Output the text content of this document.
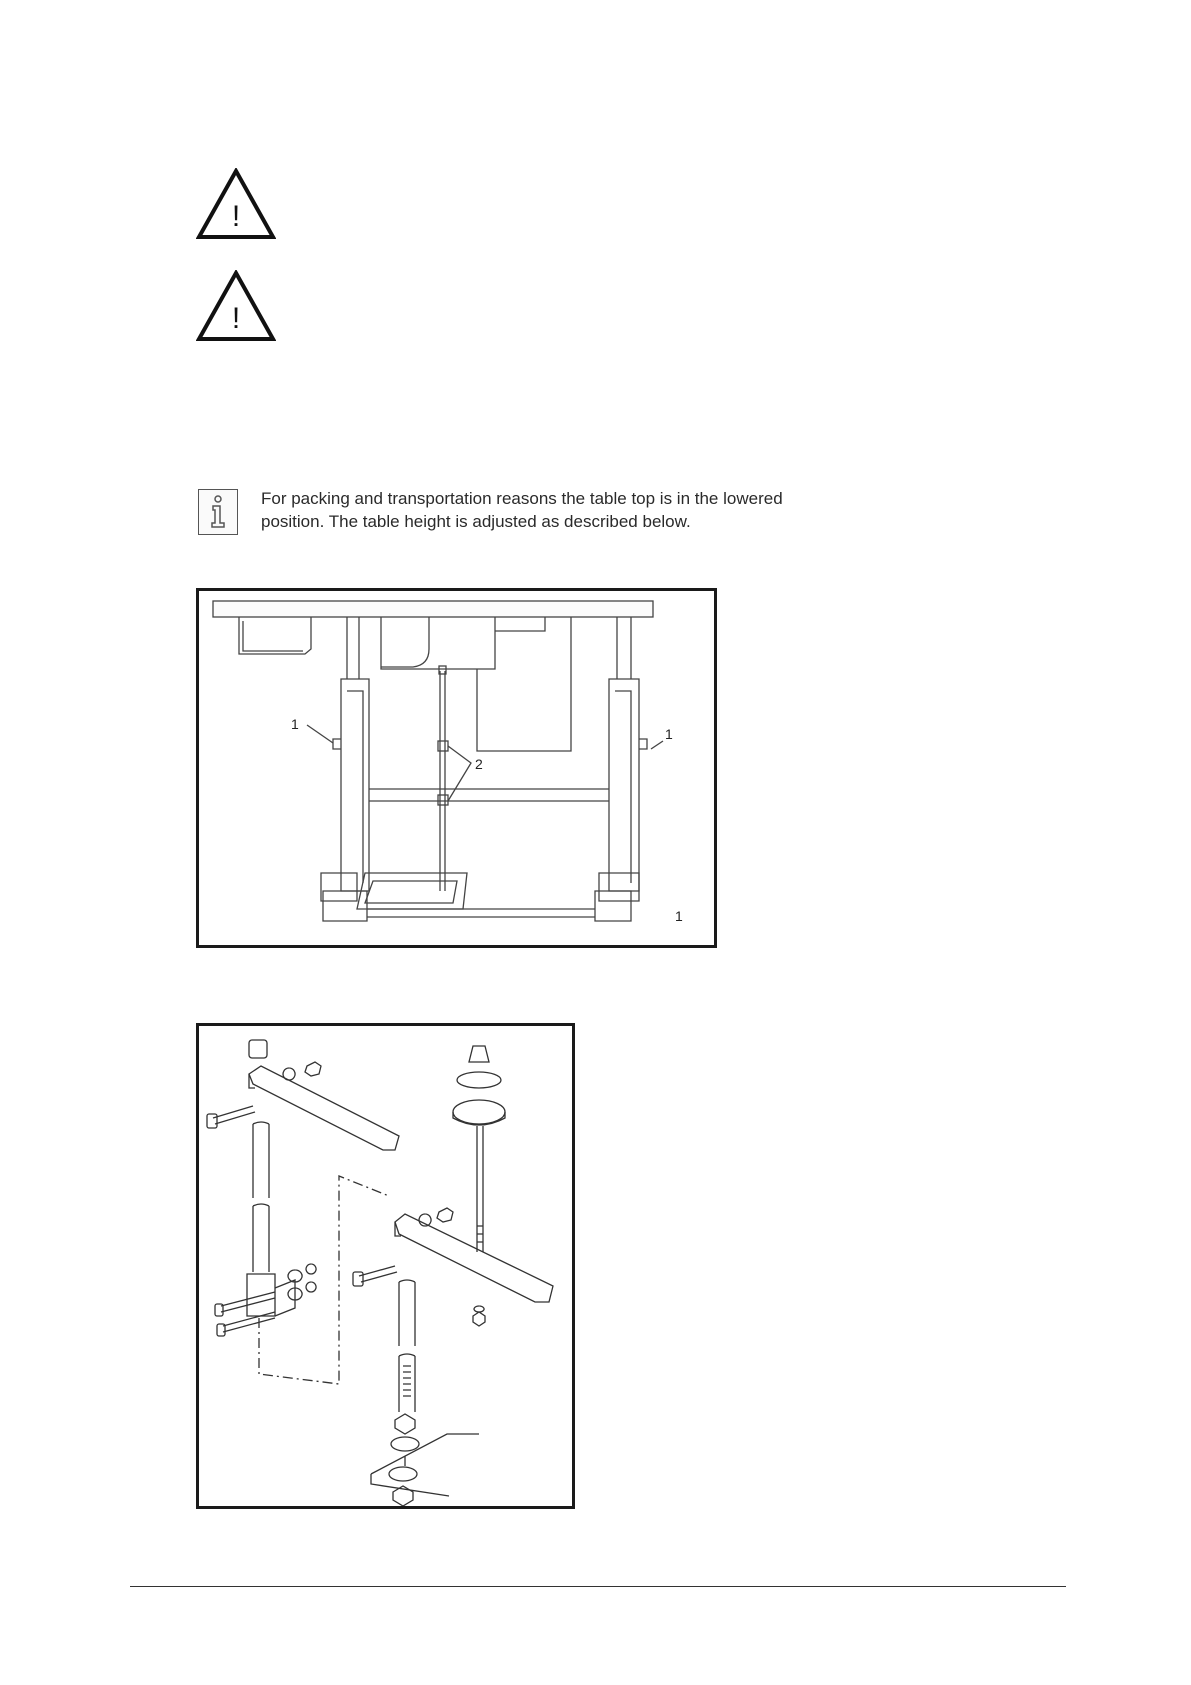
!
!

For packing and transportation reasons the table top is in the lowered

position. The table height is adjusted as described below.

1
1
2
1
